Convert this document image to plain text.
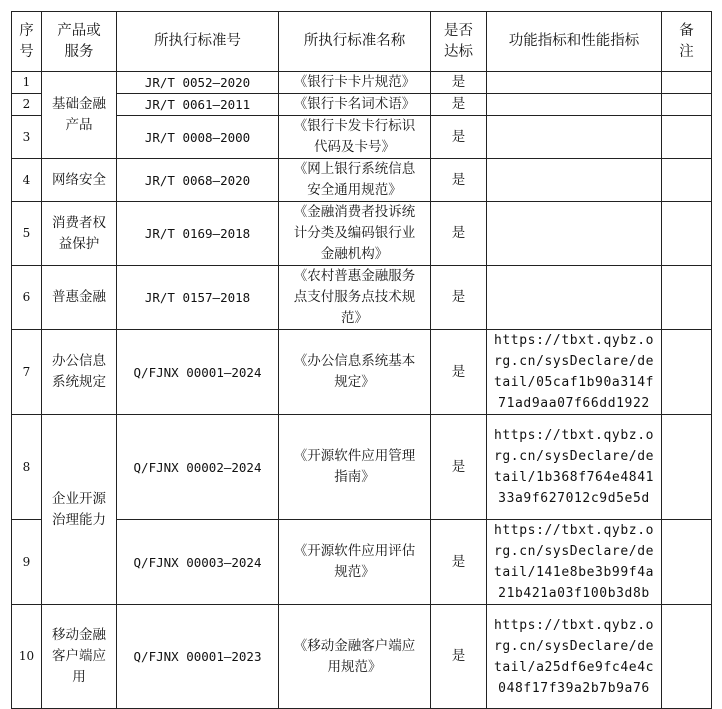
序号	产品或服务	所执行标准号	所执行标准名称	是否达标	功能指标和性能指标	备注
1	基础金融产品	JR/T 0052—2020	《银行卡卡片规范》	是		
2		JR/T 0061—2011	《银行卡名词术语》	是		
3		JR/T 0008—2000	《银行卡发卡行标识代码及卡号》	是		
4	网络安全	JR/T 0068—2020	《网上银行系统信息安全通用规范》	是		
5	消费者权益保护	JR/T 0169—2018	《金融消费者投诉统计分类及编码银行业金融机构》	是		
6	普惠金融	JR/T 0157—2018	《农村普惠金融服务点支付服务点技术规范》	是		
7	办公信息系统规定	Q/FJNX 00001—2024	《办公信息系统基本规定》	是	https://tbxt.qybz.org.cn/sysDeclare/detail/05caf1b90a314f71ad9aa07f66dd1922	
8	企业开源治理能力	Q/FJNX 00002—2024	《开源软件应用管理指南》	是	https://tbxt.qybz.org.cn/sysDeclare/detail/1b368f764e484133a9f627012c9d5e5d	
9		Q/FJNX 00003—2024	《开源软件应用评估规范》	是	https://tbxt.qybz.org.cn/sysDeclare/detail/141e8be3b99f4a21b421a03f100b3d8b	
10	移动金融客户端应用	Q/FJNX 00001—2023	《移动金融客户端应用规范》	是	https://tbxt.qybz.org.cn/sysDeclare/detail/a25df6e9fc4e4c048f17f39a2b7b9a76	
